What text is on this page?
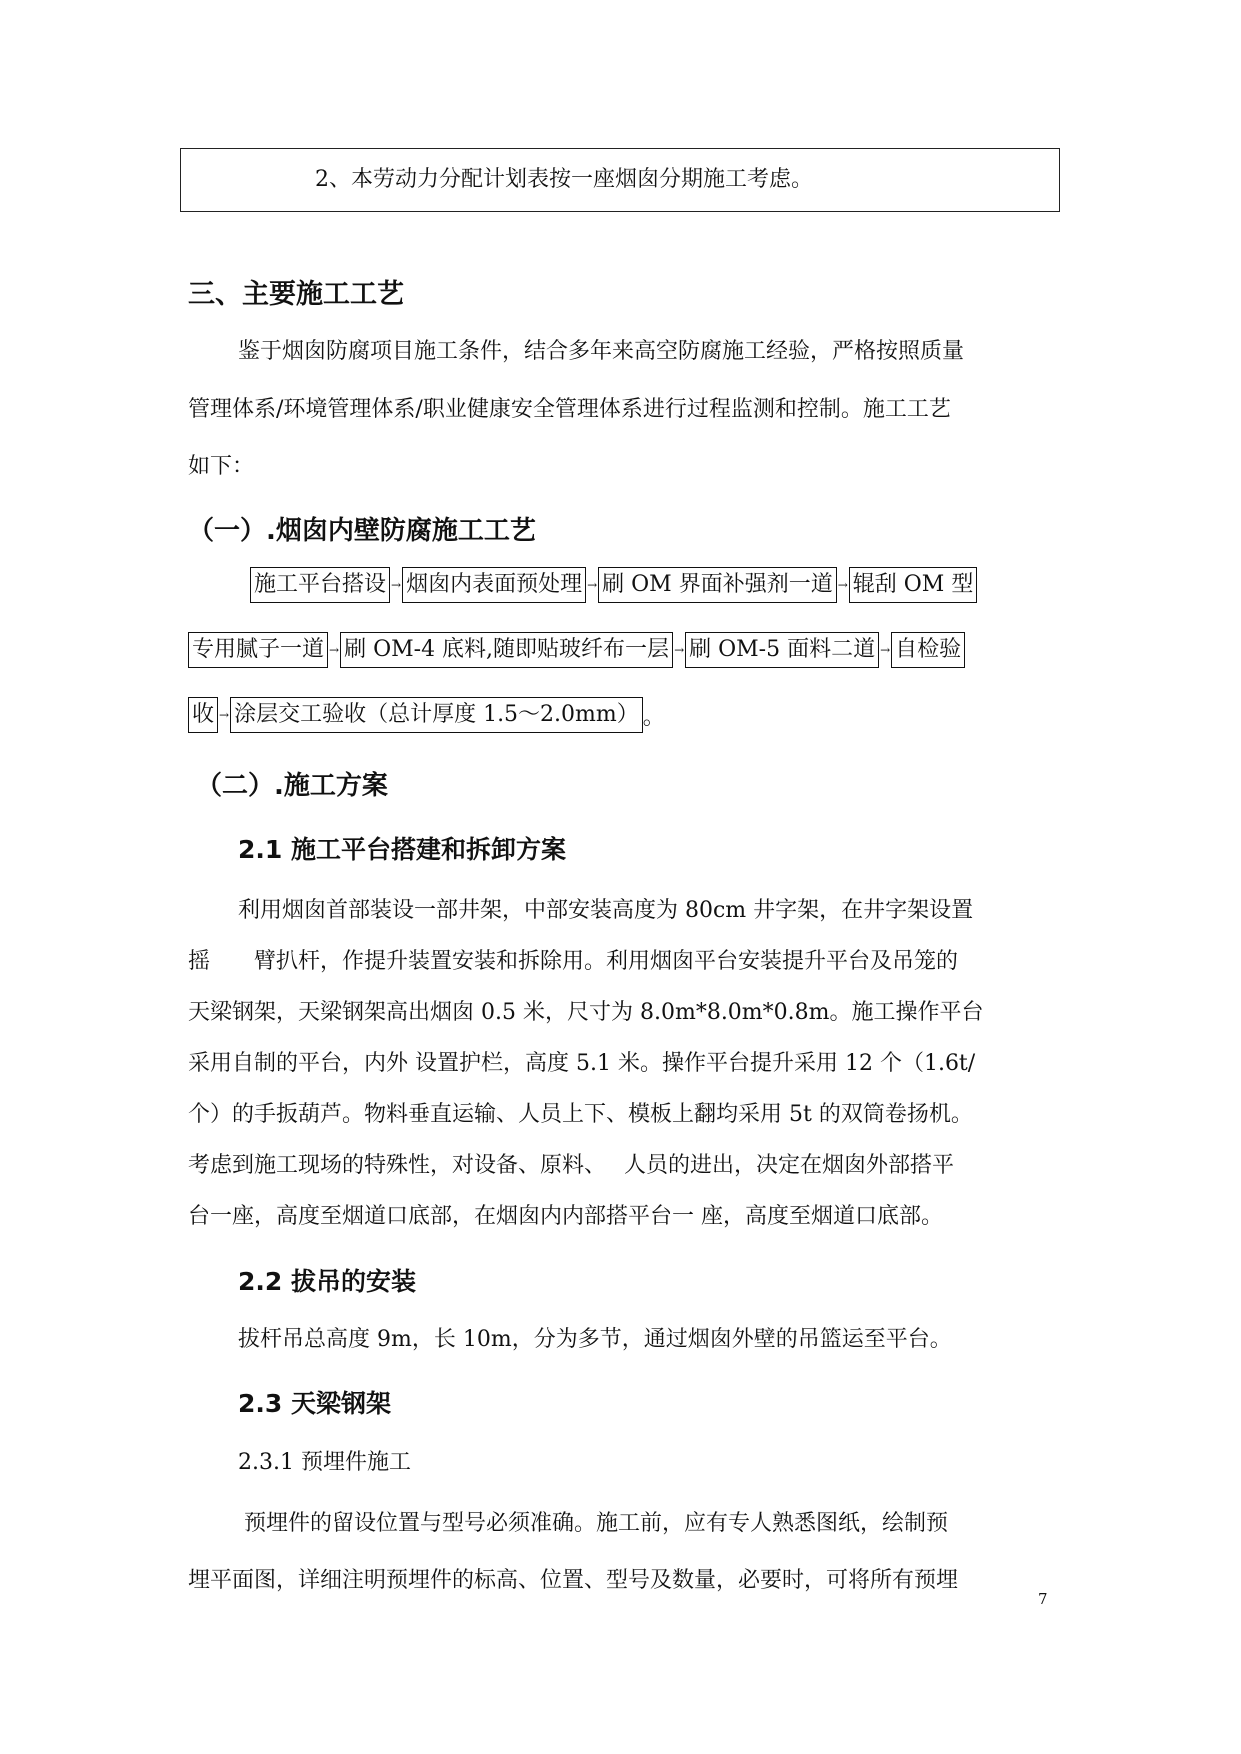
2、本劳动力分配计划表按一座烟囱分期施工考虑。
三、主要施工工艺
鉴于烟囱防腐项目施工条件，结合多年来高空防腐施工经验，严格按照质量
管理体系/环境管理体系/职业健康安全管理体系进行过程监测和控制。施工工艺
如下：
（一）.烟囱内壁防腐施工工艺
施工平台搭设 → 烟囱内表面预处理 → 刷 OM 界面补强剂一道 → 辊刮 OM 型
专用腻子一道 → 刷 OM-4 底料,随即贴玻纤布一层 → 刷 OM-5 面料二道 → 自检验
收 → 涂层交工验收（总计厚度 1.5～2.0mm） 。
（二）.施工方案
2.1 施工平台搭建和拆卸方案
利用烟囱首部装设一部井架，中部安装高度为 80cm 井字架，在井字架设置
摇　　臂扒杆，作提升装置安装和拆除用。利用烟囱平台安装提升平台及吊笼的
天梁钢架，天梁钢架高出烟囱 0.5 米，尺寸为 8.0m*8.0m*0.8m。施工操作平台
采用自制的平台，内外 设置护栏，高度 5.1 米。操作平台提升采用 12 个（1.6t/
个）的手扳葫芦。物料垂直运输、人员上下、模板上翻均采用 5t 的双筒卷扬机。
考虑到施工现场的特殊性，对设备、原料、　 人员的进出，决定在烟囱外部搭平
台一座，高度至烟道口底部，在烟囱内内部搭平台一 座，高度至烟道口底部。
2.2 拔吊的安装
拔杆吊总高度 9m，长 10m，分为多节，通过烟囱外壁的吊篮运至平台。
2.3 天梁钢架
2.3.1 预埋件施工
预埋件的留设位置与型号必须准确。施工前，应有专人熟悉图纸，绘制预
埋平面图，详细注明预埋件的标高、位置、型号及数量，必要时，可将所有预埋
7
